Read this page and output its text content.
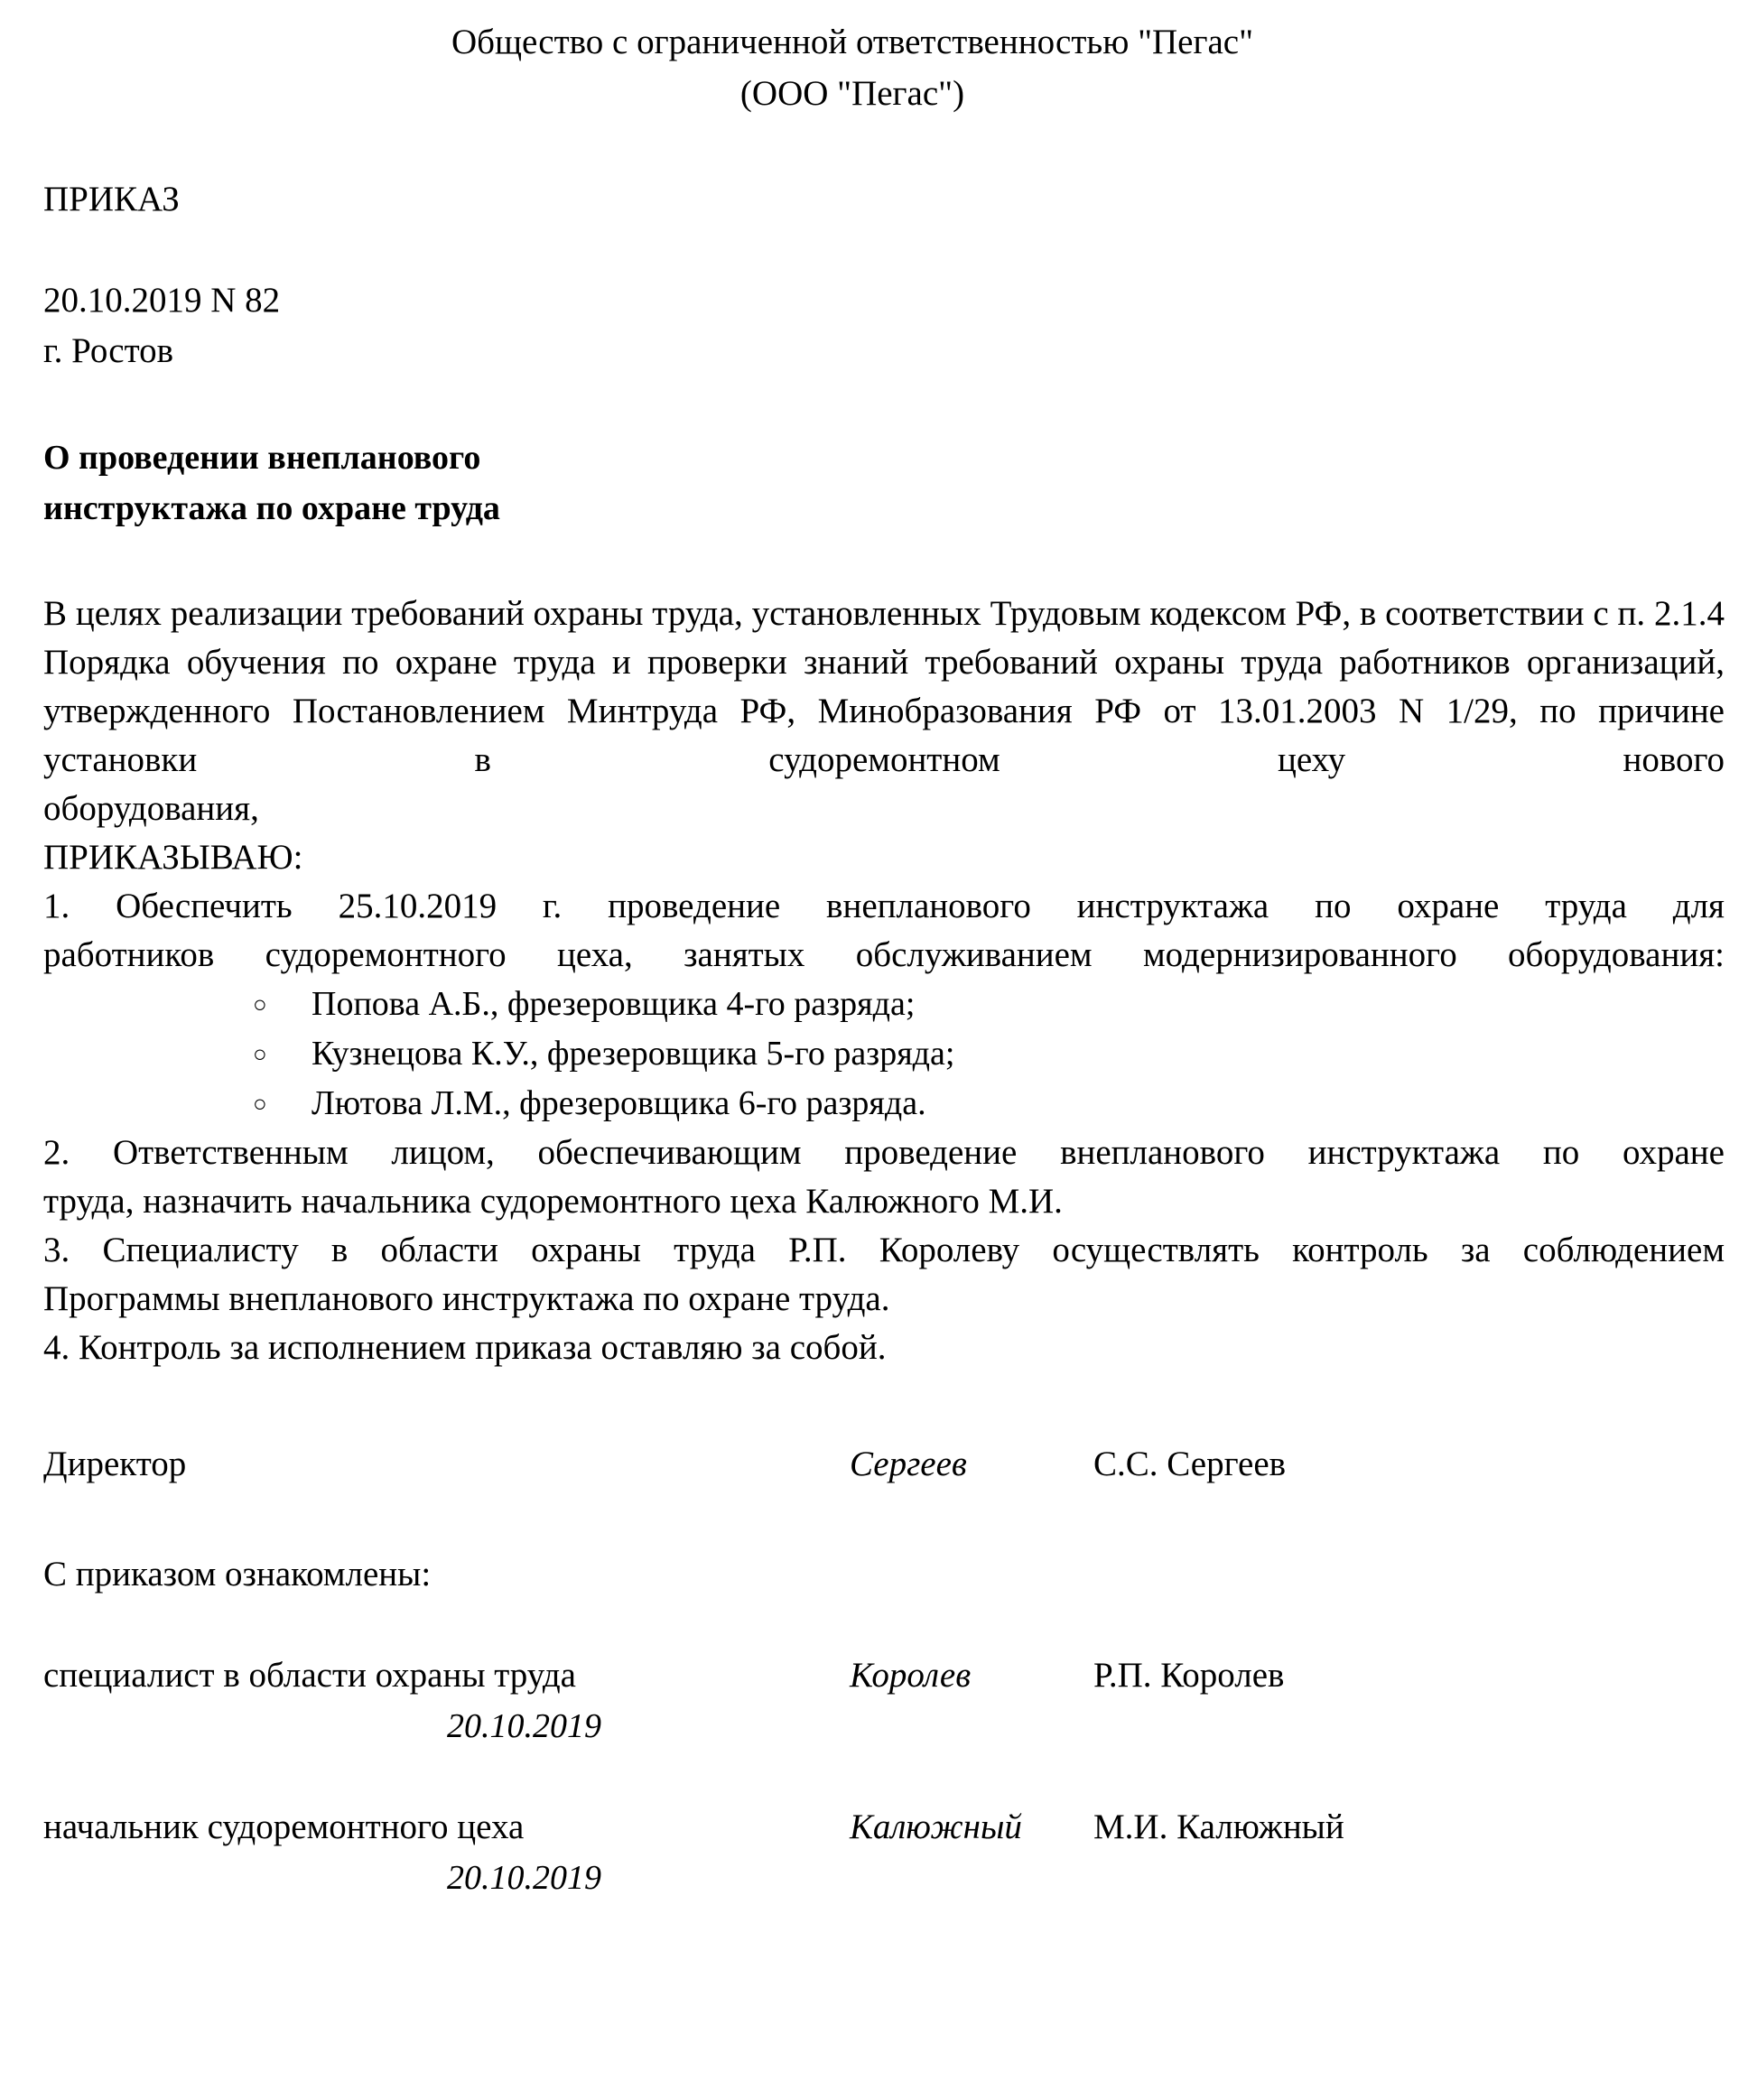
Общество с ограниченной ответственностью "Пегас"
(ООО "Пегас")
ПРИКАЗ
20.10.2019 N 82
г. Ростов
О проведении внепланового
инструктажа по охране труда
В целях реализации требований охраны труда, установленных Трудовым кодексом РФ, в соответствии с п. 2.1.4 Порядка обучения по охране труда и проверки знаний требований охраны труда работников организаций, утвержденного Постановлением Минтруда РФ, Минобразования РФ от 13.01.2003 N 1/29, по причине установки в судоремонтном цеху нового
оборудования,
ПРИКАЗЫВАЮ:
1. Обеспечить 25.10.2019 г. проведение внепланового инструктажа по охране труда для
работников судоремонтного цеха, занятых обслуживанием модернизированного оборудования:
○ Попова А.Б., фрезеровщика 4-го разряда;
○ Кузнецова К.У., фрезеровщика 5-го разряда;
○ Лютова Л.М., фрезеровщика 6-го разряда.
2. Ответственным лицом, обеспечивающим проведение внепланового инструктажа по охране
труда, назначить начальника судоремонтного цеха Калюжного М.И.
3. Специалисту в области охраны труда Р.П. Королеву осуществлять контроль за соблюдением
Программы внепланового инструктажа по охране труда.
4. Контроль за исполнением приказа оставляю за собой.
Директор	Сергеев	С.С. Сергеев
С приказом ознакомлены:
специалист в области охраны труда	Королев	Р.П. Королев
20.10.2019
начальник судоремонтного цеха	Калюжный	М.И. Калюжный
20.10.2019
